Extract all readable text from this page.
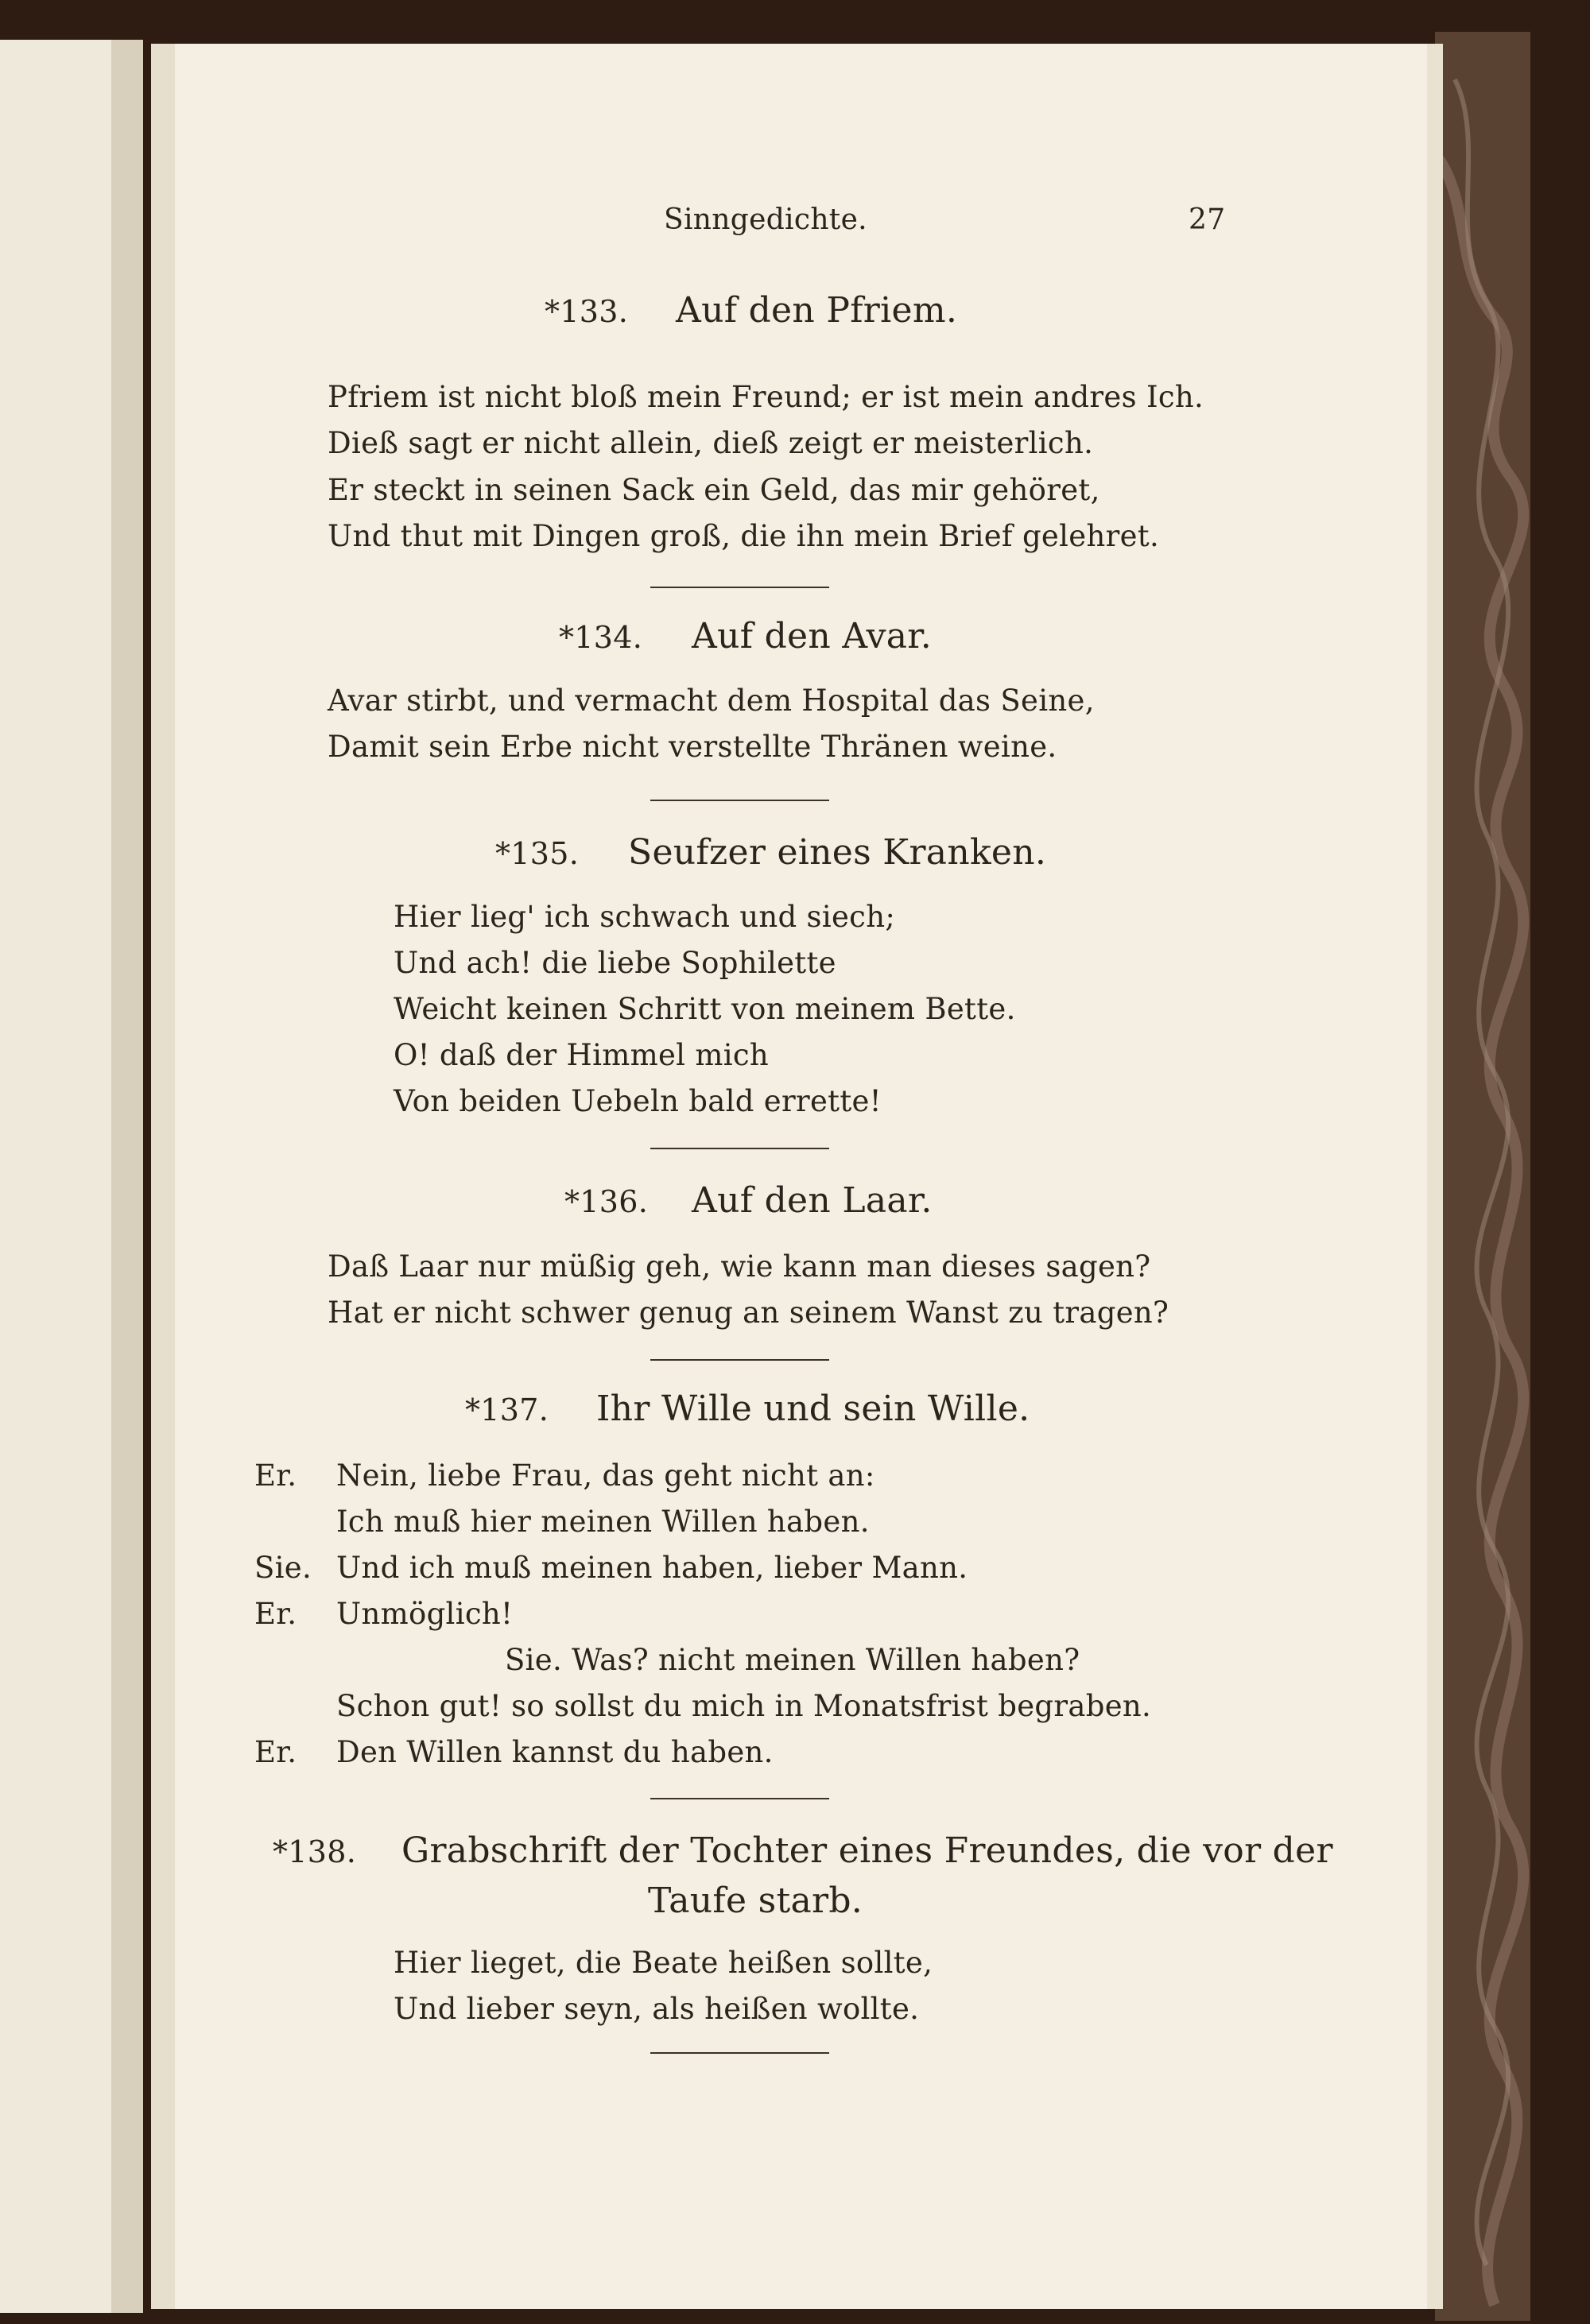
Sinngedichte.	27
*133. Auf den Pfriem.
Pfriem ist nicht bloß mein Freund; er ist mein andres Ich.
Dieß sagt er nicht allein, dieß zeigt er meisterlich.
Er steckt in seinen Sack ein Geld, das mir gehöret,
Und thut mit Dingen groß, die ihn mein Brief gelehret.
*134. Auf den Avar.
Avar stirbt, und vermacht dem Hospital das Seine,
Damit sein Erbe nicht verstellte Thränen weine.
*135. Seufzer eines Kranken.
Hier lieg' ich schwach und siech;
Und ach! die liebe Sophilette
Weicht keinen Schritt von meinem Bette.
O! daß der Himmel mich
Von beiden Uebeln bald errette!
*136. Auf den Laar.
Daß Laar nur müßig geh, wie kann man dieses sagen?
Hat er nicht schwer genug an seinem Wanst zu tragen?
*137. Ihr Wille und sein Wille.
Er. Nein, liebe Frau, das geht nicht an:
Ich muß hier meinen Willen haben.
Sie. Und ich muß meinen haben, lieber Mann.
Er. Unmöglich!
Sie. Was? nicht meinen Willen haben?
Schon gut! so sollst du mich in Monatsfrist begraben.
Er. Den Willen kannst du haben.
*138. Grabschrift der Tochter eines Freundes, die vor der
Taufe starb.
Hier lieget, die Beate heißen sollte,
Und lieber seyn, als heißen wollte.
